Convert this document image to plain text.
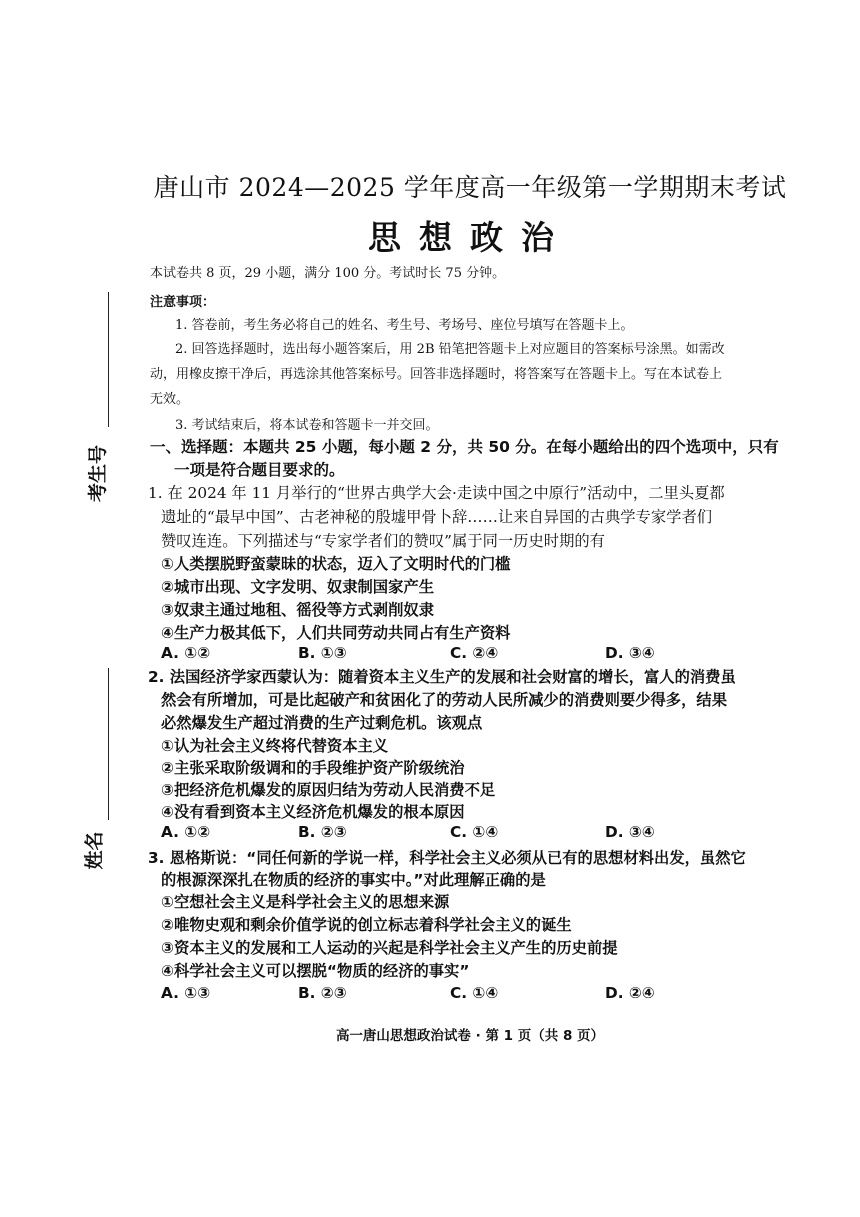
考生号
姓名
唐山市 2024—2025 学年度高一年级第一学期期末考试
思想政治
本试卷共 8 页，29 小题，满分 100 分。考试时长 75 分钟。
注意事项：
1. 答卷前，考生务必将自己的姓名、考生号、考场号、座位号填写在答题卡上。
2. 回答选择题时，选出每小题答案后，用 2B 铅笔把答题卡上对应题目的答案标号涂黑。如需改
动，用橡皮擦干净后，再选涂其他答案标号。回答非选择题时，将答案写在答题卡上。写在本试卷上
无效。
3. 考试结束后，将本试卷和答题卡一并交回。
一、选择题：本题共 25 小题，每小题 2 分，共 50 分。在每小题给出的四个选项中，只有
一项是符合题目要求的。
1. 在 2024 年 11 月举行的“世界古典学大会·走读中国之中原行”活动中，二里头夏都
遗址的“最早中国”、古老神秘的殷墟甲骨卜辞……让来自异国的古典学专家学者们
赞叹连连。下列描述与“专家学者们的赞叹”属于同一历史时期的有
①人类摆脱野蛮蒙昧的状态，迈入了文明时代的门槛
②城市出现、文字发明、奴隶制国家产生
③奴隶主通过地租、徭役等方式剥削奴隶
④生产力极其低下，人们共同劳动共同占有生产资料
A. ①②	B. ①③	C. ②④	D. ③④
2. 法国经济学家西蒙认为：随着资本主义生产的发展和社会财富的增长，富人的消费虽
然会有所增加，可是比起破产和贫困化了的劳动人民所减少的消费则要少得多，结果
必然爆发生产超过消费的生产过剩危机。该观点
①认为社会主义终将代替资本主义
②主张采取阶级调和的手段维护资产阶级统治
③把经济危机爆发的原因归结为劳动人民消费不足
④没有看到资本主义经济危机爆发的根本原因
A. ①②	B. ②③	C. ①④	D. ③④
3. 恩格斯说：“同任何新的学说一样，科学社会主义必须从已有的思想材料出发，虽然它
的根源深深扎在物质的经济的事实中。”对此理解正确的是
①空想社会主义是科学社会主义的思想来源
②唯物史观和剩余价值学说的创立标志着科学社会主义的诞生
③资本主义的发展和工人运动的兴起是科学社会主义产生的历史前提
④科学社会主义可以摆脱“物质的经济的事实”
A. ①③	B. ②③	C. ①④	D. ②④
高一唐山思想政治试卷 · 第 1 页（共 8 页）
